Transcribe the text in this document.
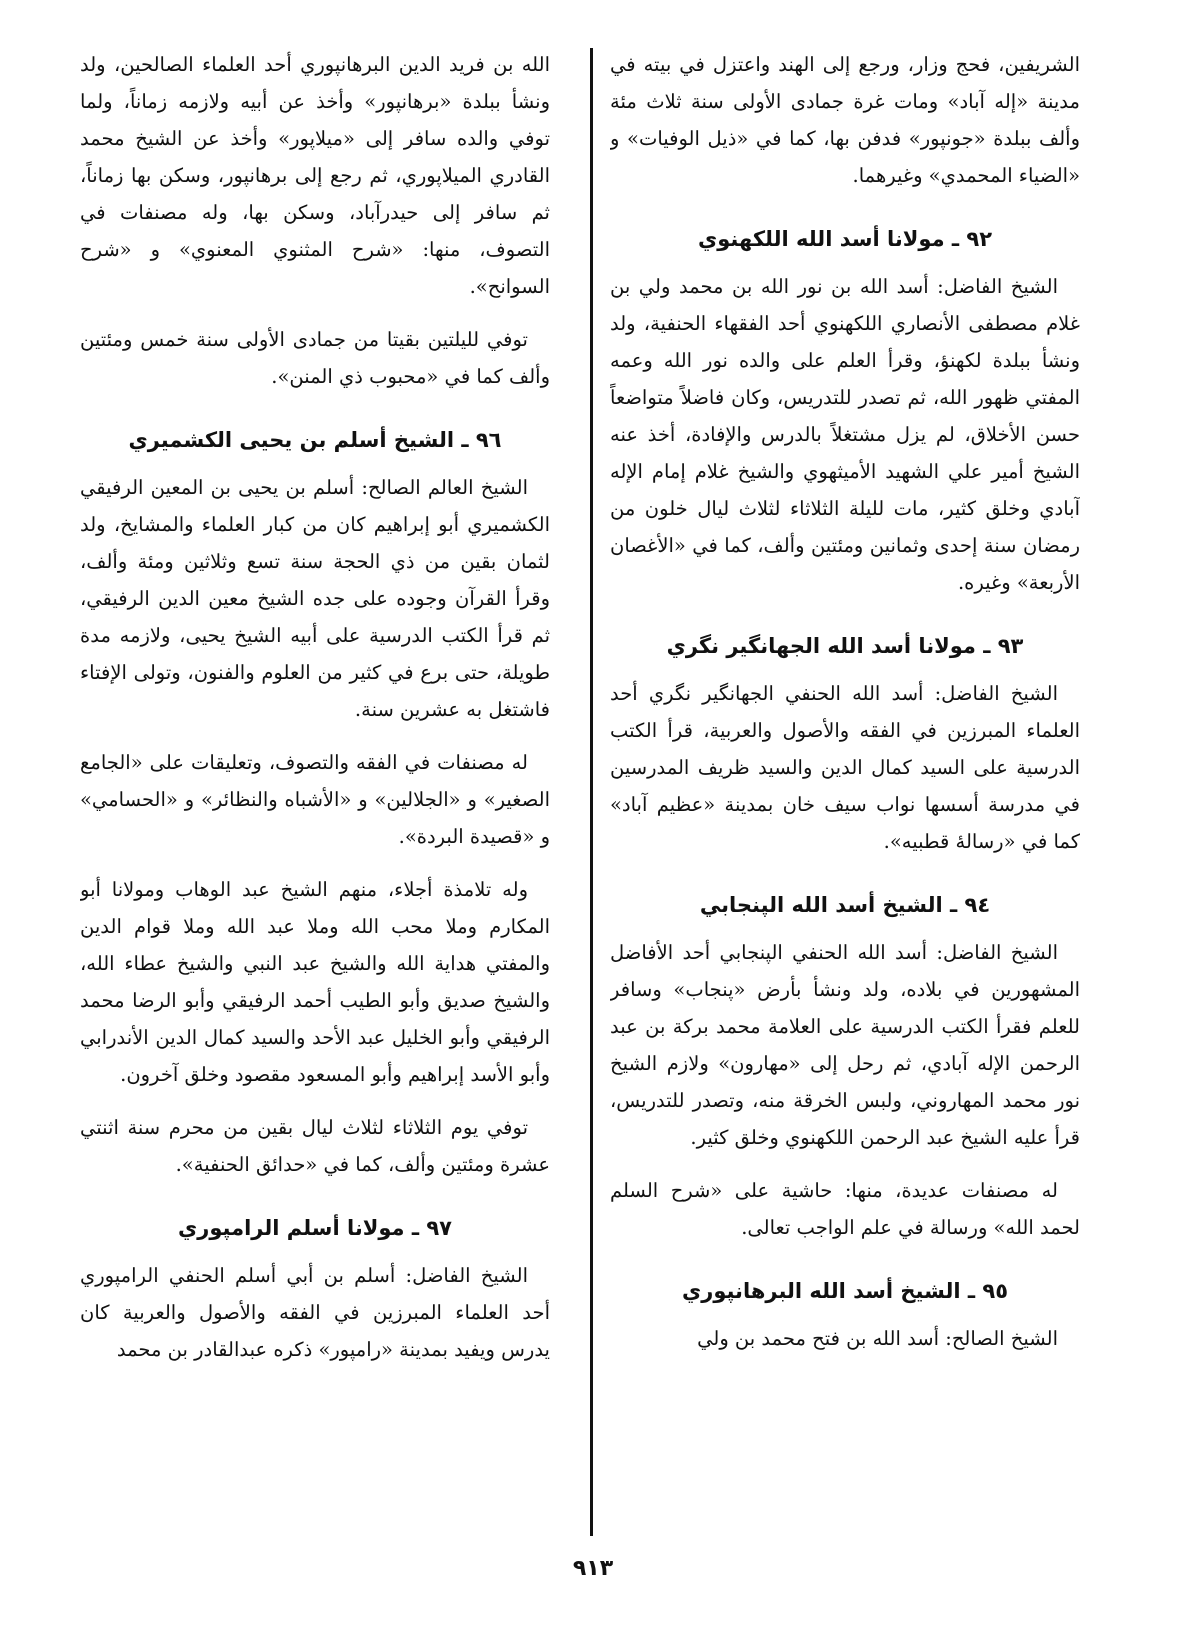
الشريفين، فحج وزار، ورجع إلى الهند واعتزل في بيته في مدينة «إله آباد» ومات غرة جمادى الأولى سنة ثلاث مئة وألف ببلدة «جونپور» فدفن بها، كما في «ذيل الوفيات» و «الضياء المحمدي» وغيرهما.

٩٢ ـ مولانا أسد الله اللكهنوي

الشيخ الفاضل: أسد الله بن نور الله بن محمد ولي بن غلام مصطفى الأنصاري اللكهنوي أحد الفقهاء الحنفية، ولد ونشأ ببلدة لكهنؤ، وقرأ العلم على والده نور الله وعمه المفتي ظهور الله، ثم تصدر للتدريس، وكان فاضلاً متواضعاً حسن الأخلاق، لم يزل مشتغلاً بالدرس والإفادة، أخذ عنه الشيخ أمير علي الشهيد الأميثهوي والشيخ غلام إمام الإله آبادي وخلق كثير، مات لليلة الثلاثاء لثلاث ليال خلون من رمضان سنة إحدى وثمانين ومئتين وألف، كما في «الأغصان الأربعة» وغيره.

٩٣ ـ مولانا أسد الله الجهانگير نگري

الشيخ الفاضل: أسد الله الحنفي الجهانگير نگري أحد العلماء المبرزين في الفقه والأصول والعربية، قرأ الكتب الدرسية على السيد كمال الدين والسيد ظريف المدرسين في مدرسة أسسها نواب سيف خان بمدينة «عظيم آباد» كما في «رسالهٔ قطبيه».

٩٤ ـ الشيخ أسد الله الپنجابي

الشيخ الفاضل: أسد الله الحنفي الپنجابي أحد الأفاضل المشهورين في بلاده، ولد ونشأ بأرض «پنجاب» وسافر للعلم فقرأ الكتب الدرسية على العلامة محمد بركة بن عبد الرحمن الإله آبادي، ثم رحل إلى «مهارون» ولازم الشيخ نور محمد المهاروني، ولبس الخرقة منه، وتصدر للتدريس، قرأ عليه الشيخ عبد الرحمن اللكهنوي وخلق كثير.

له مصنفات عديدة، منها: حاشية على «شرح السلم لحمد الله» ورسالة في علم الواجب تعالى.

٩٥ ـ الشيخ أسد الله البرهانپوري

الشيخ الصالح: أسد الله بن فتح محمد بن ولي

الله بن فريد الدين البرهانپوري أحد العلماء الصالحين، ولد ونشأ ببلدة «برهانپور» وأخذ عن أبيه ولازمه زماناً، ولما توفي والده سافر إلى «ميلاپور» وأخذ عن الشيخ محمد القادري الميلاپوري، ثم رجع إلى برهانپور، وسكن بها زماناً، ثم سافر إلى حيدرآباد، وسكن بها، وله مصنفات في التصوف، منها: «شرح المثنوي المعنوي» و «شرح السوانح».

توفي لليلتين بقيتا من جمادى الأولى سنة خمس ومئتين وألف كما في «محبوب ذي المنن».

٩٦ ـ الشيخ أسلم بن يحيى الكشميري

الشيخ العالم الصالح: أسلم بن يحيى بن المعين الرفيقي الكشميري أبو إبراهيم كان من كبار العلماء والمشايخ، ولد لثمان بقين من ذي الحجة سنة تسع وثلاثين ومئة وألف، وقرأ القرآن وجوده على جده الشيخ معين الدين الرفيقي، ثم قرأ الكتب الدرسية على أبيه الشيخ يحيى، ولازمه مدة طويلة، حتى برع في كثير من العلوم والفنون، وتولى الإفتاء فاشتغل به عشرين سنة.

له مصنفات في الفقه والتصوف، وتعليقات على «الجامع الصغير» و «الجلالين» و «الأشباه والنظائر» و «الحسامي» و «قصيدة البردة».

وله تلامذة أجلاء، منهم الشيخ عبد الوهاب ومولانا أبو المكارم وملا محب الله وملا عبد الله وملا قوام الدين والمفتي هداية الله والشيخ عبد النبي والشيخ عطاء الله، والشيخ صديق وأبو الطيب أحمد الرفيقي وأبو الرضا محمد الرفيقي وأبو الخليل عبد الأحد والسيد كمال الدين الأندرابي وأبو الأسد إبراهيم وأبو المسعود مقصود وخلق آخرون.

توفي يوم الثلاثاء لثلاث ليال بقين من محرم سنة اثنتي عشرة ومئتين وألف، كما في «حدائق الحنفية».

٩٧ ـ مولانا أسلم الرامپوري

الشيخ الفاضل: أسلم بن أبي أسلم الحنفي الرامپوري أحد العلماء المبرزين في الفقه والأصول والعربية كان يدرس ويفيد بمدينة «رامپور» ذكره عبدالقادر بن محمد

٩١٣
